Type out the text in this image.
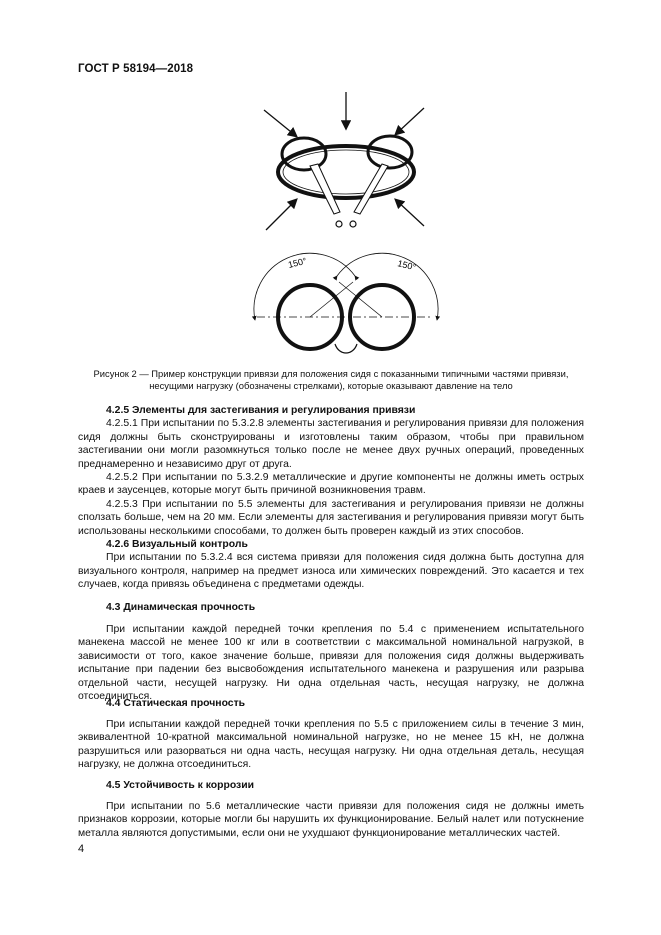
ГОСТ Р 58194—2018
150°	150°
Рисунок 2 — Пример конструкции привязи для положения сидя с показанными типичными частями привязи, несущими нагрузку (обозначены стрелками), которые оказывают давление на тело

4.2.5 Элементы для застегивания и регулирования привязи

4.2.5.1 При испытании по 5.3.2.8 элементы застегивания и регулирования привязи для положения сидя должны быть сконструированы и изготовлены таким образом, чтобы при правильном застегивании они могли разомкнуться только после не менее двух ручных операций, проведенных преднамеренно и независимо друг от друга.

4.2.5.2 При испытании по 5.3.2.9 металлические и другие компоненты не должны иметь острых краев и заусенцев, которые могут быть причиной возникновения травм.

4.2.5.3 При испытании по 5.5 элементы для застегивания и регулирования привязи не должны сползать больше, чем на 20 мм. Если элементы для застегивания и регулирования привязи могут быть использованы несколькими способами, то должен быть проверен каждый из этих способов.

4.2.6 Визуальный контроль

При испытании по 5.3.2.4 вся система привязи для положения сидя должна быть доступна для визуального контроля, например на предмет износа или химических повреждений. Это касается и тех случаев, когда привязь объединена с предметами одежды.

4.3 Динамическая прочность

При испытании каждой передней точки крепления по 5.4 с применением испытательного манекена массой не менее 100 кг или в соответствии с максимальной номинальной нагрузкой, в зависимости от того, какое значение больше, привязи для положения сидя должны выдерживать испытание при падении без высвобождения испытательного манекена и разрушения или разрыва отдельной части, несущей нагрузку. Ни одна отдельная часть, несущая нагрузку, не должна отсоединиться.

4.4 Статическая прочность

При испытании каждой передней точки крепления по 5.5 с приложением силы в течение 3 мин, эквивалентной 10-кратной максимальной номинальной нагрузке, но не менее 15 кН, не должна разрушиться или разорваться ни одна часть, несущая нагрузку. Ни одна отдельная деталь, несущая нагрузку, не должна отсоединиться.

4.5 Устойчивость к коррозии

При испытании по 5.6 металлические части привязи для положения сидя не должны иметь признаков коррозии, которые могли бы нарушить их функционирование. Белый налет или потускнение металла являются допустимыми, если они не ухудшают функционирование металлических частей.

4
